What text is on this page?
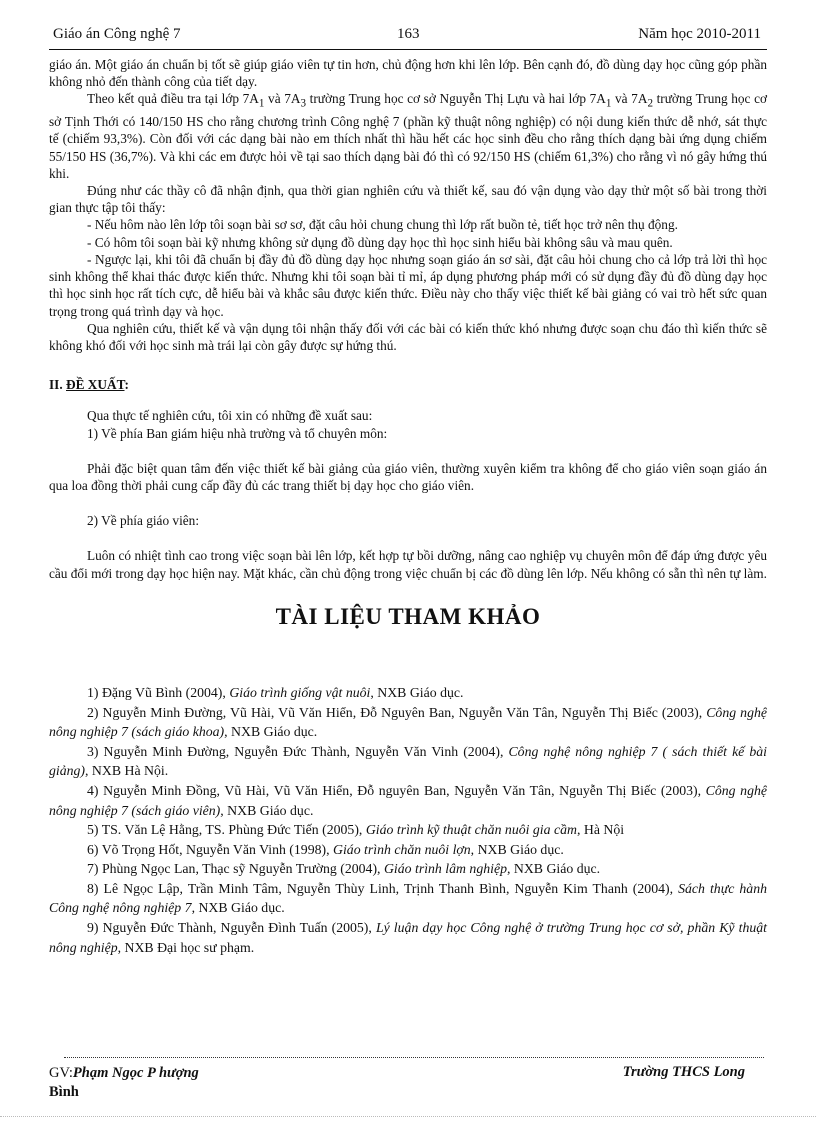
Giáo án Công nghệ 7	163	Năm học 2010-2011

giáo án. Một giáo án chuẩn bị tốt sẽ giúp giáo viên tự tin hơn, chủ động hơn khi lên lớp. Bên cạnh đó, đồ dùng dạy học cũng góp phần không nhỏ đến thành công của tiết dạy.

Theo kết quả điều tra tại lớp $7A_1$ và $7A_3$ trường Trung học cơ sở Nguyễn Thị Lựu và hai lớp $7A_1$ và $7A_2$ trường Trung học cơ sở Tịnh Thới có 140/150 HS cho rằng chương trình Công nghệ 7 (phần kỹ thuật nông nghiệp) có nội dung kiến thức dễ nhớ, sát thực tế (chiếm 93,3%). Còn đối với các dạng bài nào em thích nhất thì hầu hết các học sinh đều cho rằng thích dạng bài ứng dụng chiếm 55/150 HS (36,7%). Và khi các em được hỏi về tại sao thích dạng bài đó thì có 92/150 HS (chiếm 61,3%) cho rằng vì nó gây hứng thú khi.

Đúng như các thầy cô đã nhận định, qua thời gian nghiên cứu và thiết kế, sau đó vận dụng vào dạy thử một số bài trong thời gian thực tập tôi thấy:

- Nếu hôm nào lên lớp tôi soạn bài sơ sơ, đặt câu hỏi chung chung thì lớp rất buồn tẻ, tiết học trở nên thụ động.

- Có hôm tôi soạn bài kỹ nhưng không sử dụng đồ dùng dạy học thì học sinh hiểu bài không sâu và mau quên.

- Ngược lại, khi tôi đã chuẩn bị đầy đủ đồ dùng dạy học nhưng soạn giáo án sơ sài, đặt câu hỏi chung cho cả lớp trả lời thì học sinh không thể khai thác được kiến thức. Nhưng khi tôi soạn bài tỉ mỉ, áp dụng phương pháp mới có sử dụng đầy đủ đồ dùng dạy học thì học sinh học rất tích cực, dễ hiểu bài và khắc sâu được kiến thức. Điều này cho thấy việc thiết kế bài giảng có vai trò hết sức quan trọng trong quá trình dạy và học.

Qua nghiên cứu, thiết kế và vận dụng tôi nhận thấy đối với các bài có kiến thức khó nhưng được soạn chu đáo thì kiến thức sẽ không khó đối với học sinh mà trái lại còn gây được sự hứng thú.

II. ĐỀ XUẤT:

Qua thực tế nghiên cứu, tôi xin có những đề xuất sau:

1) Về phía Ban giám hiệu nhà trường và tổ chuyên môn:

Phải đặc biệt quan tâm đến việc thiết kế bài giảng của giáo viên, thường xuyên kiểm tra không để cho giáo viên soạn giáo án qua loa đồng thời phải cung cấp đầy đủ các trang thiết bị dạy học cho giáo viên.

2) Về phía giáo viên:

Luôn có nhiệt tình cao trong việc soạn bài lên lớp, kết hợp tự bồi dưỡng, nâng cao nghiệp vụ chuyên môn để đáp ứng được yêu cầu đổi mới trong dạy học hiện nay. Mặt khác, cần chủ động trong việc chuẩn bị các đồ dùng lên lớp. Nếu không có sẵn thì nên tự làm.

TÀI LIỆU THAM KHẢO

1) Đặng Vũ Bình (2004), Giáo trình giống vật nuôi, NXB Giáo dục.

2) Nguyễn Minh Đường, Vũ Hài, Vũ Văn Hiển, Đỗ Nguyên Ban, Nguyễn Văn Tân, Nguyễn Thị Biếc (2003), Công nghệ nông nghiệp 7 (sách giáo khoa), NXB Giáo dục.

3) Nguyễn Minh Đường, Nguyễn Đức Thành, Nguyễn Văn Vinh (2004), Công nghệ nông nghiệp 7 ( sách thiết kế bài giảng), NXB Hà Nội.

4) Nguyễn Minh Đồng, Vũ Hài, Vũ Văn Hiển, Đỗ nguyên Ban, Nguyễn Văn Tân, Nguyễn Thị Biếc (2003), Công nghệ nông nghiệp 7 (sách giáo viên), NXB Giáo dục.

5) TS. Văn Lệ Hằng, TS. Phùng Đức Tiến (2005), Giáo trình kỹ thuật chăn nuôi gia cầm, Hà Nội

6) Võ Trọng Hốt, Nguyễn Văn Vinh (1998), Giáo trình chăn nuôi lợn, NXB Giáo dục.

7) Phùng Ngọc Lan, Thạc sỹ Nguyễn Trường (2004), Giáo trình lâm nghiệp, NXB Giáo dục.

8) Lê Ngọc Lập, Trần Minh Tâm, Nguyễn Thùy Linh, Trịnh Thanh Bình, Nguyễn Kim Thanh (2004), Sách thực hành Công nghệ nông nghiệp 7, NXB Giáo dục.

9) Nguyễn Đức Thành, Nguyễn Đình Tuấn (2005), Lý luận dạy học Công nghệ ở trường Trung học cơ sở, phần Kỹ thuật nông nghiệp, NXB Đại học sư phạm.

GV:Phạm Ngọc P hượng
Bình
Trường THCS Long
